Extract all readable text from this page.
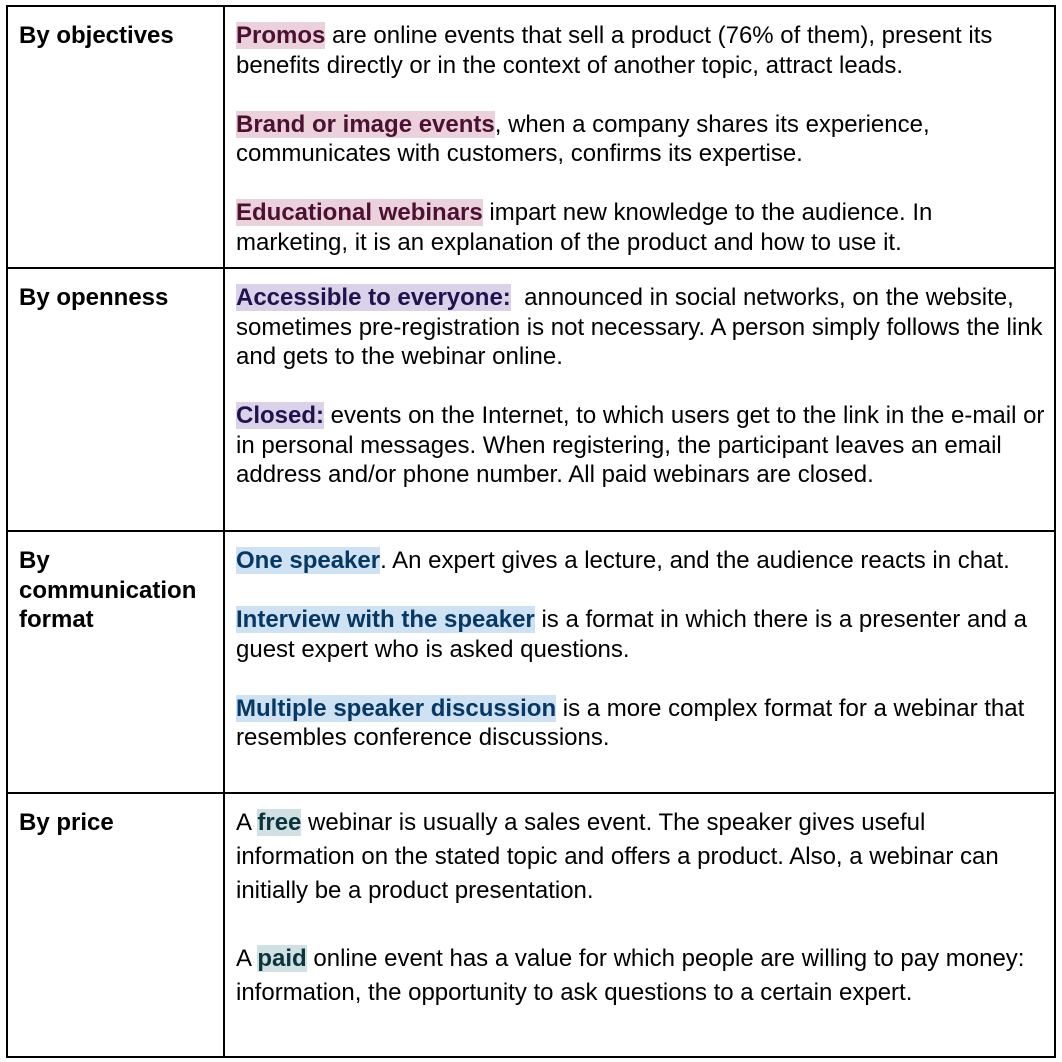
By objectives	Promos are online events that sell a product (76% of them), present its benefits directly or in the context of another topic, attract leads.

Brand or image events, when a company shares its experience, communicates with customers, confirms its expertise.

Educational webinars impart new knowledge to the audience. In marketing, it is an explanation of the product and how to use it.

By openness	Accessible to everyone:  announced in social networks, on the website, sometimes pre-registration is not necessary. A person simply follows the link and gets to the webinar online.

Closed: events on the Internet, to which users get to the link in the e-mail or in personal messages. When registering, the participant leaves an email address and/or phone number. All paid webinars are closed.

By communication format	One speaker. An expert gives a lecture, and the audience reacts in chat.

Interview with the speaker is a format in which there is a presenter and a guest expert who is asked questions.

Multiple speaker discussion is a more complex format for a webinar that resembles conference discussions.

By price	A free webinar is usually a sales event. The speaker gives useful information on the stated topic and offers a product. Also, a webinar can initially be a product presentation.

A paid online event has a value for which people are willing to pay money: information, the opportunity to ask questions to a certain expert.
